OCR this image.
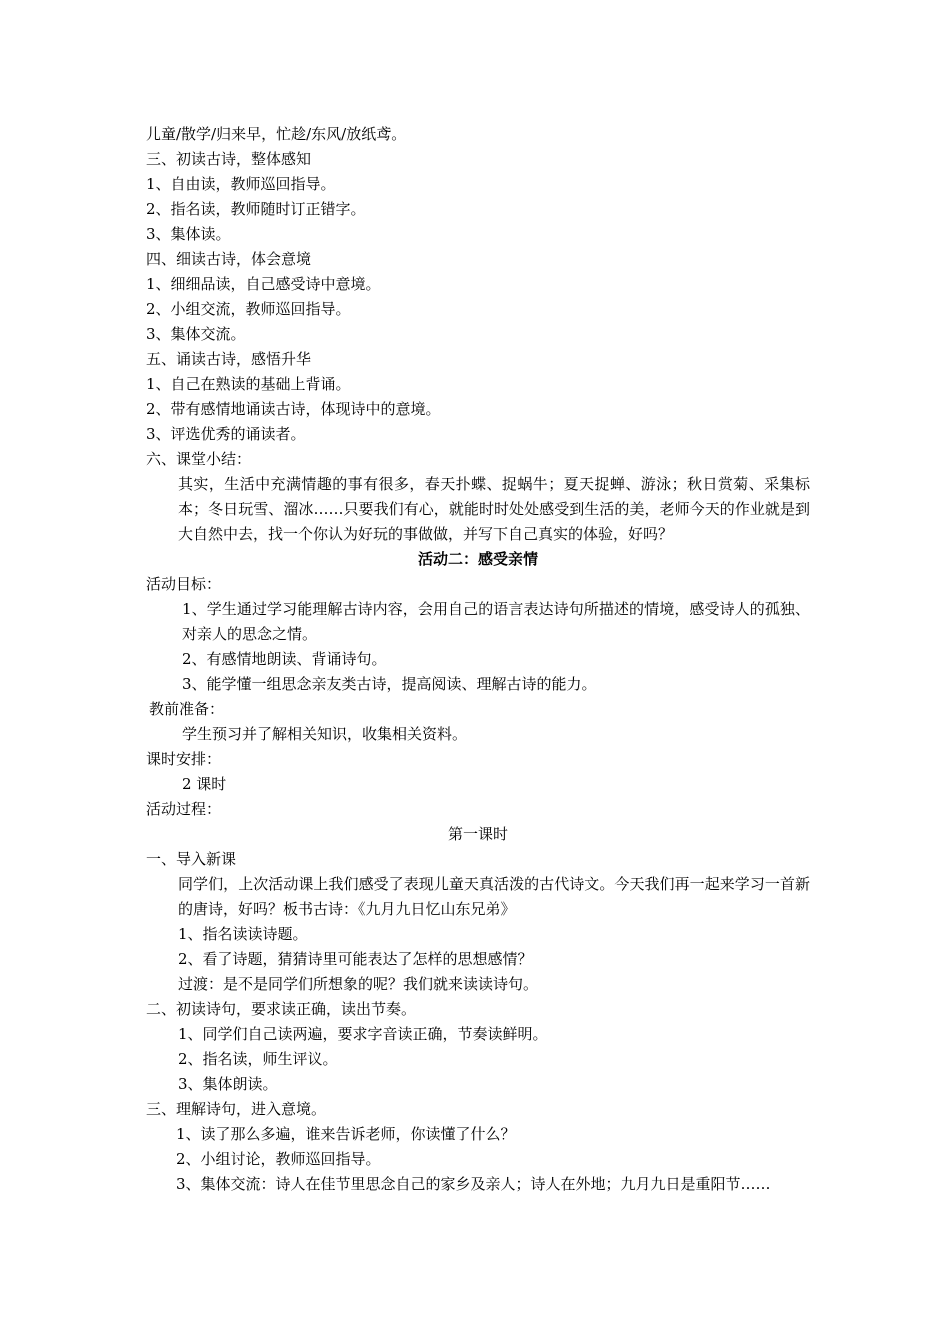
儿童/散学/归来早，忙趁/东风/放纸鸢。
三、初读古诗，整体感知
1、自由读，教师巡回指导。
2、指名读，教师随时订正错字。
3、集体读。
四、细读古诗，体会意境
1、细细品读，自己感受诗中意境。
2、小组交流，教师巡回指导。
3、集体交流。
五、诵读古诗，感悟升华
1、自己在熟读的基础上背诵。
2、带有感情地诵读古诗，体现诗中的意境。
3、评选优秀的诵读者。
六、课堂小结：
其实，生活中充满情趣的事有很多，春天扑蝶、捉蜗牛；夏天捉蝉、游泳；秋日赏菊、采集标本；冬日玩雪、溜冰……只要我们有心，就能时时处处感受到生活的美，老师今天的作业就是到大自然中去，找一个你认为好玩的事做做，并写下自己真实的体验，好吗？
活动二：感受亲情
活动目标：
1、学生通过学习能理解古诗内容，会用自己的语言表达诗句所描述的情境，感受诗人的孤独、对亲人的思念之情。
2、有感情地朗读、背诵诗句。
3、能学懂一组思念亲友类古诗，提高阅读、理解古诗的能力。
教前准备：
学生预习并了解相关知识，收集相关资料。
课时安排：
2 课时
活动过程：
第一课时
一、导入新课
同学们，上次活动课上我们感受了表现儿童天真活泼的古代诗文。今天我们再一起来学习一首新的唐诗，好吗？板书古诗：《九月九日忆山东兄弟》
1、指名读读诗题。
2、看了诗题，猜猜诗里可能表达了怎样的思想感情？
过渡：是不是同学们所想象的呢？我们就来读读诗句。
二、初读诗句，要求读正确，读出节奏。
1、同学们自己读两遍，要求字音读正确，节奏读鲜明。
2、指名读，师生评议。
3、集体朗读。
三、理解诗句，进入意境。
1、读了那么多遍，谁来告诉老师，你读懂了什么？
2、小组讨论，教师巡回指导。
3、集体交流：诗人在佳节里思念自己的家乡及亲人；诗人在外地；九月九日是重阳节……
